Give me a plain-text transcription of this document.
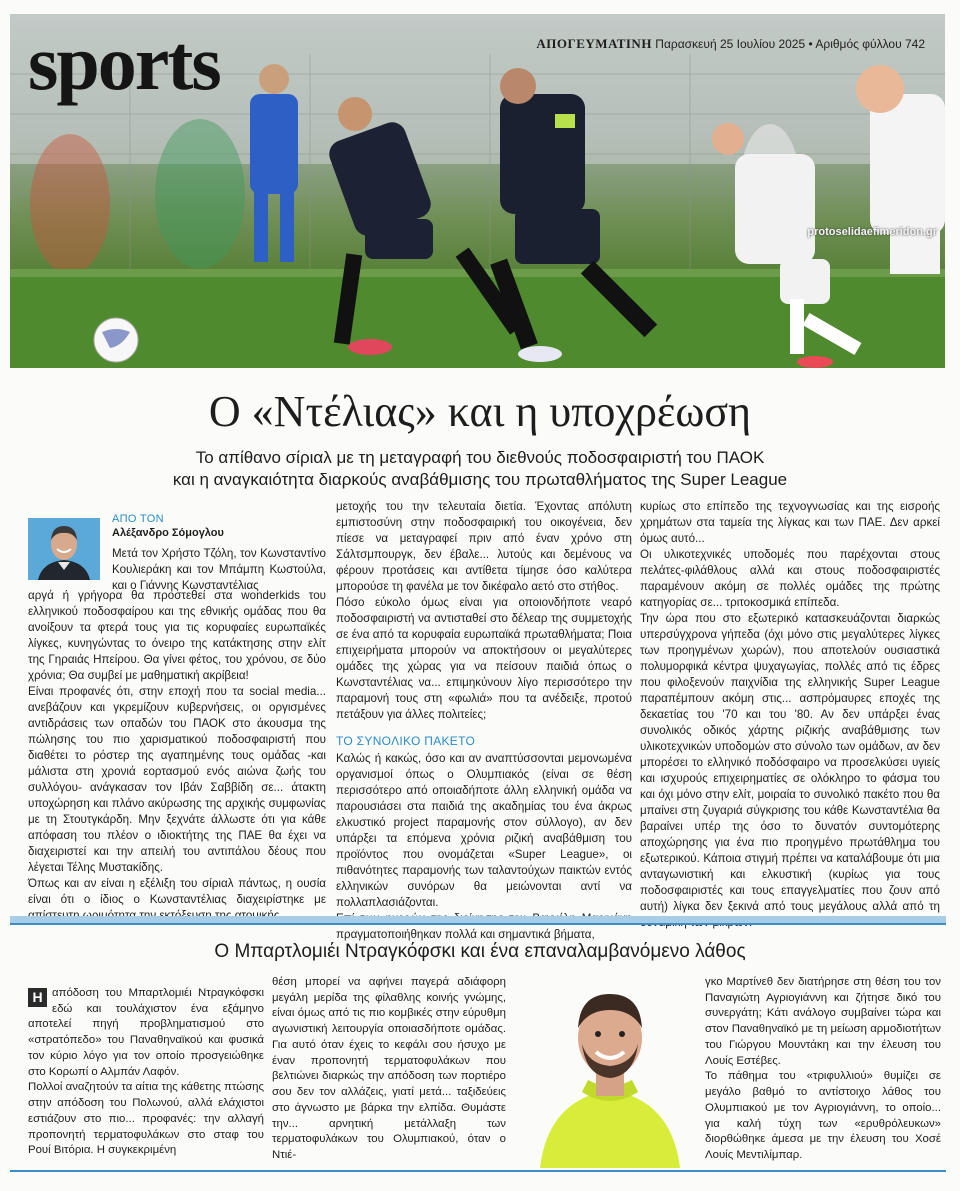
sports	ΑΠΟΓΕΥΜΑΤΙΝΗ Παρασκευή 25 Ιουλίου 2025 • Αριθμός φύλλου 742
protoselidaefimeridon.gr
Ο «Ντέλιας» και η υποχρέωση
Το απίθανο σίριαλ με τη μεταγραφή του διεθνούς ποδοσφαιριστή του ΠΑΟΚ
και η αναγκαιότητα διαρκούς αναβάθμισης του πρωταθλήματος της Super League
ΑΠΟ ΤΟΝ
Αλέξανδρο Σόμογλου

Μετά τον Χρήστο Τζόλη, τον Κωνσταντίνο Κουλιεράκη και τον Μπάμπη Κωστούλα, και ο Γιάννης Κωνσταντέλιας

αργά ή γρήγορα θα προστεθεί στα wonderkids του ελληνικού ποδοσφαίρου και της εθνικής ομάδας που θα ανοίξουν τα φτερά τους για τις κορυφαίες ευρωπαϊκές λίγκες, κυνηγώντας το όνειρο της κατάκτησης στην ελίτ της Γηραιάς Ηπείρου. Θα γίνει φέτος, του χρόνου, σε δύο χρόνια; Θα συμβεί με μαθηματική ακρίβεια!

Είναι προφανές ότι, στην εποχή που τα social media... ανεβάζουν και γκρεμίζουν κυβερνήσεις, οι οργισμένες αντιδράσεις των οπαδών του ΠΑΟΚ στο άκουσμα της πώλησης του πιο χαρισματικού ποδοσφαιριστή που διαθέτει το ρόστερ της αγαπημένης τους ομάδας -και μάλιστα στη χρονιά εορτασμού ενός αιώνα ζωής του συλλόγου- ανάγκασαν τον Ιβάν Σαββίδη σε... άτακτη υποχώρηση και πλάνο ακύρωσης της αρχικής συμφωνίας με τη Στουτγκάρδη. Μην ξεχνάτε άλλωστε ότι για κάθε απόφαση του πλέον ο ιδιοκτήτης της ΠΑΕ θα έχει να διαχειριστεί και την απειλή του αντιπάλου δέους που λέγεται Τέλης Μυστακίδης.

Όπως και αν είναι η εξέλιξη του σίριαλ πάντως, η ουσία είναι ότι ο ίδιος ο Κωνσταντέλιας διαχειρίστηκε με

μετοχής του την τελευταία διετία. Έχοντας απόλυτη εμπιστοσύνη στην ποδοσφαιρική του οικογένεια, δεν πίεσε να μεταγραφεί πριν από έναν χρόνο στη Σάλτσμπουργκ, δεν έβαλε... λυτούς και δεμένους να φέρουν προτάσεις και αντίθετα τίμησε όσο καλύτερα μπορούσε τη φανέλα με τον δικέφαλο αετό στο στήθος.

Πόσο εύκολο όμως είναι για οποιονδήποτε νεαρό ποδοσφαιριστή να αντισταθεί στο δέλεαρ της συμμετοχής σε ένα από τα κορυφαία ευρωπαϊκά πρωταθλήματα; Ποια επιχειρήματα μπορούν να αποκτήσουν οι μεγαλύτερες ομάδες της χώρας για να πείσουν παιδιά όπως ο Κωνσταντέλιας να... επιμηκύνουν λίγο περισσότερο την παραμονή τους στη «φωλιά» που τα ανέδειξε, προτού πετάξουν για άλλες πολιτείες;

ΤΟ ΣΥΝΟΛΙΚΟ ΠΑΚΕΤΟ

Καλώς ή κακώς, όσο και αν αναπτύσσονται μεμονωμένα οργανισμοί όπως ο Ολυμπιακός (είναι σε θέση περισσότερο από οποιαδήποτε άλλη ελληνική ομάδα να παρουσιάσει στα παιδιά της ακαδημίας του ένα άκρως ελκυστικό project παραμονής στον σύλλογο), αν δεν υπάρξει τα επόμενα χρόνια ριζική αναβάθμιση του προϊόντος που ονομάζεται «Super League», οι πιθανότητες παραμονής των ταλαντούχων παικτών εντός ελληνικών συνόρων θα μειώνονται αντί να πολλαπλασιάζονται.

πραγματοποιήθηκαν πολλά και σημαντικά βήματα,

κυρίως στο επίπεδο της τεχνογνωσίας και της εισροής χρημάτων στα ταμεία της λίγκας και των ΠΑΕ. Δεν αρκεί όμως αυτό...

Οι υλικοτεχνικές υποδομές που παρέχονται στους πελάτες-φιλάθλους αλλά και στους ποδοσφαιριστές παραμένουν ακόμη σε πολλές ομάδες της πρώτης κατηγορίας σε... τριτοκοσμικά επίπεδα.

Την ώρα που στο εξωτερικό κατασκευάζονται διαρκώς υπερσύγχρονα γήπεδα (όχι μόνο στις μεγαλύτερες λίγκες των προηγμένων χωρών), που αποτελούν ουσιαστικά πολυμορφικά κέντρα ψυχαγωγίας, πολλές από τις έδρες που φιλοξενούν παιχνίδια της ελληνικής Super League παραπέμπουν ακόμη στις... ασπρόμαυρες εποχές της δεκαετίας του '70 και του '80. Αν δεν υπάρξει ένας συνολικός οδικός χάρτης ριζικής αναβάθμισης των υλικοτεχνικών υποδομών στο σύνολο των ομάδων, αν δεν μπορέσει το ελληνικό ποδόσφαιρο να προσελκύσει υγιείς και ισχυρούς επιχειρηματίες σε ολόκληρο το φάσμα του και όχι μόνο στην ελίτ, μοιραία το συνολικό πακέτο που θα μπαίνει στη ζυγαριά σύγκρισης του κάθε Κωνσταντέλια θα βαραίνει υπέρ της όσο το δυνατόν συντομότερης αποχώρησης για ένα πιο προηγμένο πρωτάθλημα του εξωτερικού. Κάποια στιγμή πρέπει να καταλάβουμε ότι μια ανταγωνιστική και ελκυστική (κυρίως για τους ποδοσφαιριστές και τους επαγγελματίες που ζουν από αυτή) λίγκα δεν ξεκινά από τους μεγάλους αλλά από τη

Ο Μπαρτλομιέι Ντραγκόφσκι και ένα επαναλαμβανόμενο λάθος

Η απόδοση του Μπαρτλομιέι Ντραγκόφσκι εδώ και τουλάχιστον ένα εξάμηνο αποτελεί πηγή προβληματισμού στο «στρατόπεδο» του Παναθηναϊκού και φυσικά τον κύριο λόγο για τον οποίο προσγειώθηκε στο Κορωπί ο Αλμπάν Λαφόν.

Πολλοί αναζητούν τα αίτια της κάθετης πτώσης στην απόδοση του Πολωνού, αλλά ελάχιστοι εστιάζουν στο πιο... προφανές: την αλλαγή προπονητή τερματοφυλάκων στο σταφ του Ρουί Βιτόρια. Η συγκεκριμένη

θέση μπορεί να αφήνει παγερά αδιάφορη μεγάλη μερίδα της φίλαθλης κοινής γνώμης, είναι όμως από τις πιο κομβικές στην εύρυθμη αγωνιστική λειτουργία οποιασδήποτε ομάδας. Για αυτό όταν έχεις το κεφάλι σου ήσυχο με έναν προπονητή τερματοφυλάκων που βελτιώνει διαρκώς την απόδοση των πορτιέρο σου δεν τον αλλάζεις, γιατί μετά... ταξιδεύεις στο άγνωστο με βάρκα την ελπίδα. Θυμάστε την... αρνητική μετάλλαξη των τερματοφυλάκων του Ολυμπιακού, όταν ο Ντιέ-

γκο Μαρτίνεθ δεν διατήρησε στη θέση του τον Παναγιώτη Αγριογιάννη και ζήτησε δικό του συνεργάτη; Κάτι ανάλογο συμβαίνει τώρα και στον Παναθηναϊκό με τη μείωση αρμοδιοτήτων του Γιώργου Μουντάκη και την έλευση του Λουίς Εστέβες.

Το πάθημα του «τριφυλλιού» θυμίζει σε μεγάλο βαθμό το αντίστοιχο λάθος του Ολυμπιακού με τον Αγριογιάννη, το οποίο... για καλή τύχη των «ερυθρόλευκων» διορθώθηκε άμεσα με την έλευση του Χοσέ Λουίς Μεντιλίμπαρ.
